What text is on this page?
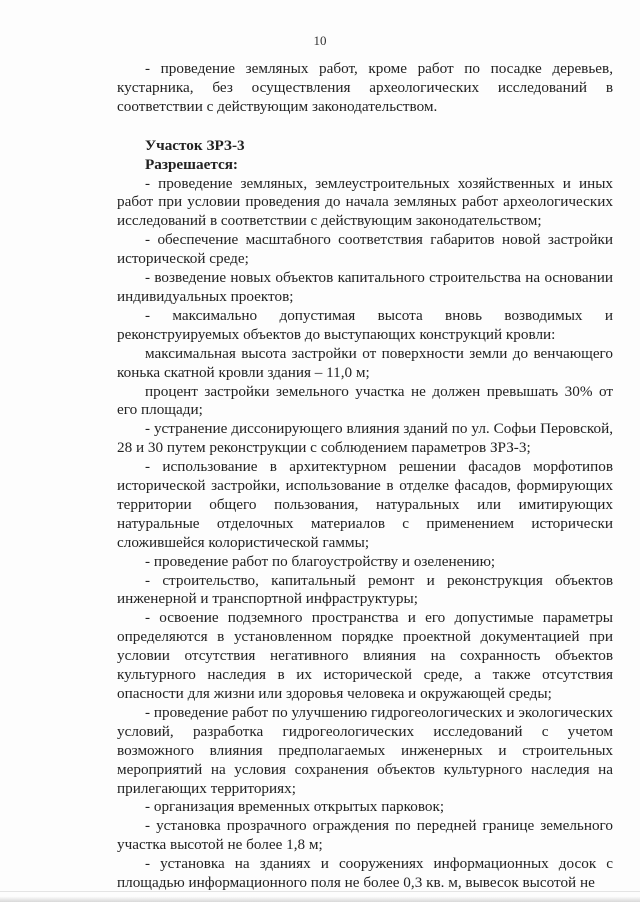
10

- проведение земляных работ, кроме работ по посадке деревьев, кустарника, без осуществления археологических исследований в соответствии с действующим законодательством.

Участок ЗРЗ-3

Разрешается:

- проведение земляных, землеустроительных хозяйственных и иных работ при условии проведения до начала земляных работ археологических исследований в соответствии с действующим законодательством;

- обеспечение масштабного соответствия габаритов новой застройки исторической среде;

- возведение новых объектов капитального строительства на основании индивидуальных проектов;

- максимально допустимая высота вновь возводимых и реконструируемых объектов до выступающих конструкций кровли:

максимальная высота застройки от поверхности земли до венчающего конька скатной кровли здания – 11,0 м;

процент застройки земельного участка не должен превышать 30% от его площади;

- устранение диссонирующего влияния зданий по ул. Софьи Перовской, 28 и 30 путем реконструкции с соблюдением параметров ЗРЗ-3;

- использование в архитектурном решении фасадов морфотипов исторической застройки, использование в отделке фасадов, формирующих территории общего пользования, натуральных или имитирующих натуральные отделочных материалов с применением исторически сложившейся колористической гаммы;

- проведение работ по благоустройству и озеленению;

- строительство, капитальный ремонт и реконструкция объектов инженерной и транспортной инфраструктуры;

- освоение подземного пространства и его допустимые параметры определяются в установленном порядке проектной документацией при условии отсутствия негативного влияния на сохранность объектов культурного наследия в их исторической среде, а также отсутствия опасности для жизни или здоровья человека и окружающей среды;

- проведение работ по улучшению гидрогеологических и экологических условий, разработка гидрогеологических исследований с учетом возможного влияния предполагаемых инженерных и строительных мероприятий на условия сохранения объектов культурного наследия на прилегающих территориях;

- организация временных открытых парковок;

- установка прозрачного ограждения по передней границе земельного участка высотой не более 1,8 м;

- установка на зданиях и сооружениях информационных досок с площадью информационного поля не более 0,3 кв. м, вывесок высотой не
